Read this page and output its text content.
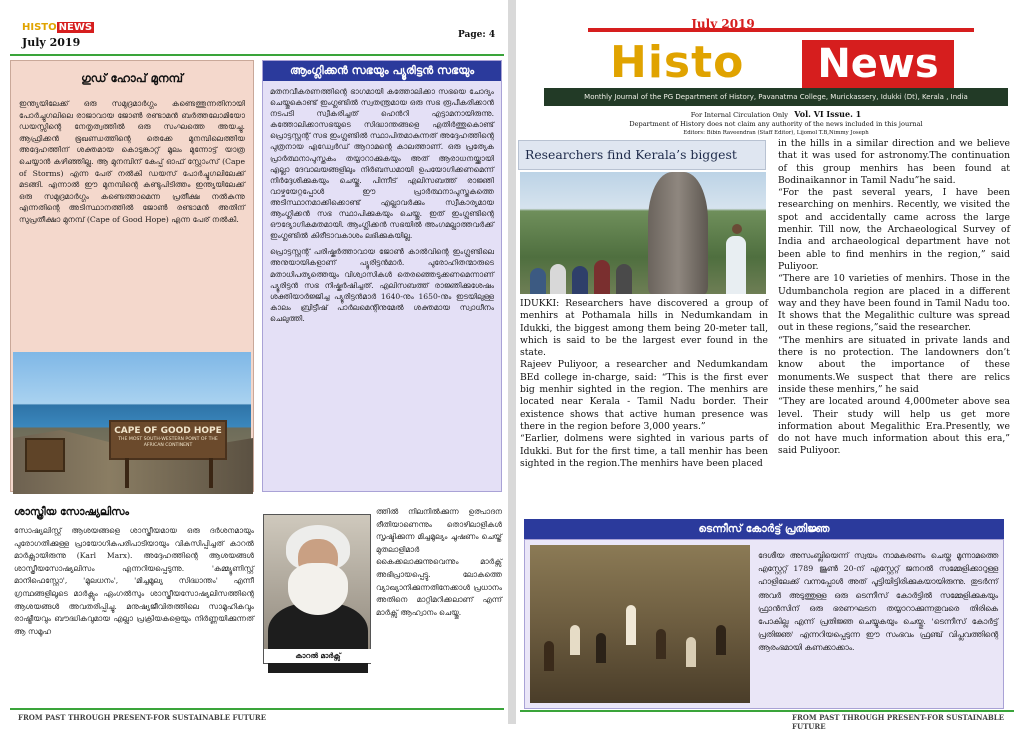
HISTO NEWS
July 2019
Page: 4
ഗുഡ് ഹോപ് മുനമ്പ്
ഇന്ത്യയിലേക്ക് ഒരു സമുദ്രമാർഗ്ഗം കണ്ടെത്തുന്നതിനായി പോർച്ചുഗലിലെ രാജാവായ ജോൺ രണ്ടാമൻ ബർത്തലോമിയോ ഡയസ്സിന്റെ നേതൃത്വത്തിൽ ഒരു സംഘത്തെ അയച്ചു. ആഫ്രിക്കൻ ഭൂഖണ്ഡത്തിന്റെ തെക്കേ മുനമ്പിലെത്തിയ അദ്ദേഹത്തിന് ശക്തമായ കൊടുങ്കാറ്റ് മൂലം മുന്നോട്ട് യാത്ര ചെയ്യാൻ കഴിഞ്ഞില്ല. ആ മുനമ്പിന് കേപ്പ് ഓഫ് സ്റ്റോംസ് (Cape of Storms) എന്ന പേര് നൽകി ഡയസ് പോർച്ചുഗലിലേക്ക് മടങ്ങി. എന്നാൽ ഈ മുനമ്പിന്റെ കണ്ടുപിടിത്തം ഇന്ത്യയിലേക്ക് ഒരു സമുദ്രമാർഗ്ഗം കണ്ടെത്താമെന്ന പ്രതീക്ഷ നൽകുന്നു എന്നതിന്റെ അടിസ്ഥാനത്തിൽ ജോൺ രണ്ടാമൻ അതിന് സുപ്രതീക്ഷാ മുനമ്പ് (Cape of Good Hope) എന്ന പേര് നൽകി.
CAPE OF GOOD HOPE
THE MOST SOUTH-WESTERN POINT OF THE AFRICAN CONTINENT
ആംഗ്ലിക്കൻ സഭയും പ്യൂരിട്ടൻ സഭയും
മതനവീകരണത്തിന്റെ ഭാഗമായി കത്തോലിക്കാ സഭയെ ചോദ്യം ചെയ്തുകൊണ്ട് ഇംഗ്ലണ്ടിൽ സ്വതന്ത്രമായ ഒരു സഭ രൂപീകരിക്കാൻ നടപടി സ്വീകരിച്ചത് ഹെൻറി എട്ടാമനായിരുന്നു. കത്തോലിക്കാസഭയുടെ സിദ്ധാന്തങ്ങളെ എതിർത്തുകൊണ്ട് പ്രൊട്ടസ്റ്റന്റ് സഭ ഇംഗ്ലണ്ടിൽ സ്ഥാപിതമാകുന്നത് അദ്ദേഹത്തിന്റെ പുത്രനായ എഡ്വേർഡ് ആറാമന്റെ കാലത്താണ്. ഒരു പ്രത്യേക പ്രാർത്ഥനാപുസ്തകം തയ്യാറാക്കുകയും അത് ആരാധനയ്ക്കായി എല്ലാ ദേവാലയങ്ങളിലും നിർബന്ധമായി ഉപയോഗിക്കണമെന്ന് നിർദ്ദേശിക്കുകയും ചെയ്തു. പിന്നീട് എലിസബത്ത് രാജ്ഞി വാഴ്ചയേറ്റപ്പോൾ ഈ പ്രാർത്ഥനാപുസ്തകത്തെ അടിസ്ഥാനമാക്കിക്കൊണ്ട് എല്ലാവർക്കും സ്വീകാര്യമായ ആംഗ്ലിക്കൻ സഭ സ്ഥാപിക്കുകയും ചെയ്തു. ഇത് ഇംഗ്ലണ്ടിന്റെ ഔദ്യോഗികമതമായി. ആംഗ്ലിക്കൻ സഭയിൽ അംഗമല്ലാത്തവർക്ക് ഇംഗ്ലണ്ടിൽ കിരീടാവകാശം ലഭിക്കുകയില്ല.
പ്രൊട്ടസ്റ്റന്റ് പരിഷ്കർത്താവായ ജോൺ കാൽവിന്റെ ഇംഗ്ലണ്ടിലെ അനുയായികളാണ് പ്യൂരിട്ടൻമാർ. പുരോഹിതന്മാരുടെ മതാധിപത്യത്തെയും വിശ്വാസികൾ തെരഞ്ഞെടുക്കണമെന്നാണ് പ്യൂരിട്ടൻ സഭ നിഷ്കർഷിച്ചത്. എലിസബത്ത് രാജ്ഞിക്കുശേഷം ശക്തിയാർജ്ജിച്ച പ്യൂരിട്ടൻമാർ 1640-നും 1650-നും ഇടയിലുള്ള കാലം ബ്രിട്ടീഷ് പാർലമെന്റിനുമേൽ ശക്തമായ സ്വാധീനം ചെലുത്തി.
ശാസ്ത്രീയ സോഷ്യലിസം
സോഷ്യലിസ്റ്റ് ആശയങ്ങളെ ശാസ്ത്രീയമായ ഒരു ദർശനമായും പുരോഗതിക്കുള്ള പ്രായോഗികപരിപാടിയായും വികസിപ്പിച്ചത് കാറൽ മാർക്സായിരുന്നു (Karl Marx). അദ്ദേഹത്തിന്റെ ആശയങ്ങൾ ശാസ്ത്രീയസോഷ്യലിസം എന്നറിയപ്പെടുന്നു. 'കമ്മ്യൂണിസ്റ്റ് മാനിഫെസ്റ്റോ', 'മൂലധനം', 'മിച്ചമൂല്യ സിദ്ധാന്തം' എന്നീ ഗ്രന്ഥങ്ങളിലൂടെ മാർക്സും ഏംഗൽസും ശാസ്ത്രീയസോഷ്യലിസത്തിന്റെ ആശയങ്ങൾ അവതരിപ്പിച്ചു. മനുഷ്യജീവിതത്തിലെ സാമൂഹികവും രാഷ്ട്രീയവും ബൗദ്ധികവുമായ എല്ലാ പ്രക്രിയകളെയും നിർണ്ണയിക്കുന്നത് ആ സമൂഹ
കാറൽ മാർക്സ്
ത്തിൽ നിലനിൽക്കുന്ന ഉത്പാദന രീതിയാണെന്നും തൊഴിലാളികൾ സൃഷ്ടിക്കുന്ന മിച്ചമൂല്യം ചൂഷണം ചെയ്ത് മുതലാളിമാർ കൈക്കലാക്കുന്നുവെന്നും മാർക്സ് അഭിപ്രായപ്പെട്ടു. ലോകത്തെ വ്യാഖ്യാനിക്കുന്നതിനേക്കാൾ പ്രധാനം അതിനെ മാറ്റിമറിക്കലാണ് എന്ന് മാർക്സ് ആഹ്വാനം ചെയ്തു.
FROM PAST THROUGH PRESENT-FOR SUSTAINABLE FUTURE
July 2019
Histo	News
Monthly Journal of the PG Department of History, Pavanatma College, Murickassery, Idukki (Dt), Kerala , India
For Internal Circulation Only Vol. VI Issue. 1
Department of History does not claim any authority of the news included in this journal
Editors: Bibin Raveendran (Staff Editor), Lijomol T.B,Nimmy Joseph
Researchers find Kerala’s biggest
IDUKKI: Researchers have discovered a group of menhirs at Pothamala hills in Nedumkandam in Idukki, the biggest among them being 20-meter tall, which is said to be the largest ever found in the state.
Rajeev Puliyoor, a researcher and Nedumkandam BEd college in-charge, said: “This is the first ever big menhir sighted in the region. The menhirs are located near Kerala - Tamil Nadu border. Their existence shows that active human presence was there in the region before 3,000 years.”
“Earlier, dolmens were sighted in various parts of Idukki. But for the first time, a tall menhir has been sighted in the region.The menhirs have been placed
in the hills in a similar direction and we believe that it was used for astronomy.The continuation of this group menhirs has been found at Bodinaikannor in Tamil Nadu”he said.
“For the past several years, I have been researching on menhirs. Recently, we visited the spot and accidentally came across the large menhir. Till now, the Archaeological Survey of India and archaeological department have not been able to find menhirs in the region,” said Puliyoor.
“There are 10 varieties of menhirs. Those in the Udumbanchola region are placed in a different way and they have been found in Tamil Nadu too. It shows that the Megalithic culture was spread out in these regions,”said the researcher.
“The menhirs are situated in private lands and there is no protection. The landowners don’t know about the importance of these monuments.We suspect that there are relics inside these menhirs,” he said
“They are located around 4,000meter above sea level. Their study will help us get more information about Megalithic Era.Presently, we do not have much information about this era,” said Puliyoor.
ടെന്നീസ് കോർട്ട് പ്രതിജ്ഞ
ദേശീയ അസംബ്ലിയെന്ന് സ്വയം നാമകരണം ചെയ്ത മൂന്നാമത്തെ എസ്റ്റേറ്റ് 1789 ജൂൺ 20-ന് എസ്റ്റേറ്റ് ജനറൽ സമ്മേളിക്കാറുള്ള ഹാളിലേക്ക് വന്നപ്പോൾ അത് പൂട്ടിയിട്ടിരിക്കുകയായിരുന്നു. തുടർന്ന് അവർ അടുത്തുള്ള ഒരു ടെന്നീസ് കോർട്ടിൽ സമ്മേളിക്കുകയും ഫ്രാൻസിന് ഒരു ഭരണഘടന തയ്യാറാക്കുന്നതുവരെ തിരികെ പോകില്ല എന്ന് പ്രതിജ്ഞ ചെയ്യുകയും ചെയ്തു. 'ടെന്നീസ് കോർട്ട് പ്രതിജ്ഞ' എന്നറിയപ്പെടുന്ന ഈ സംഭവം ഫ്രഞ്ച് വിപ്ലവത്തിന്റെ ആരംഭമായി കണക്കാക്കാം.
FROM PAST THROUGH PRESENT-FOR SUSTAINABLE FUTURE
